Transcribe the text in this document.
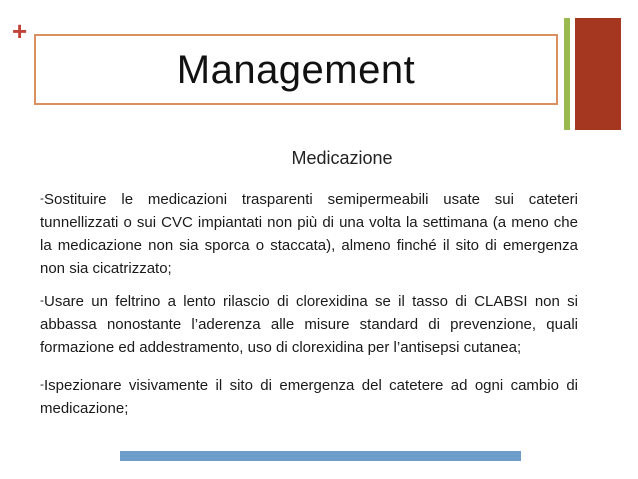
+
Management
Medicazione
-Sostituire le medicazioni trasparenti semipermeabili usate sui cateteri tunnellizzati o sui CVC impiantati non più di una volta la settimana (a meno che la medicazione non sia sporca o staccata), almeno finché il sito di emergenza non sia cicatrizzato;
-Usare un feltrino a lento rilascio di clorexidina se il tasso di CLABSI non si abbassa nonostante l’aderenza alle misure standard di prevenzione, quali formazione ed addestramento, uso di clorexidina per l’antisepsi cutanea;
-Ispezionare visivamente il sito di emergenza del catetere ad ogni cambio di medicazione;
